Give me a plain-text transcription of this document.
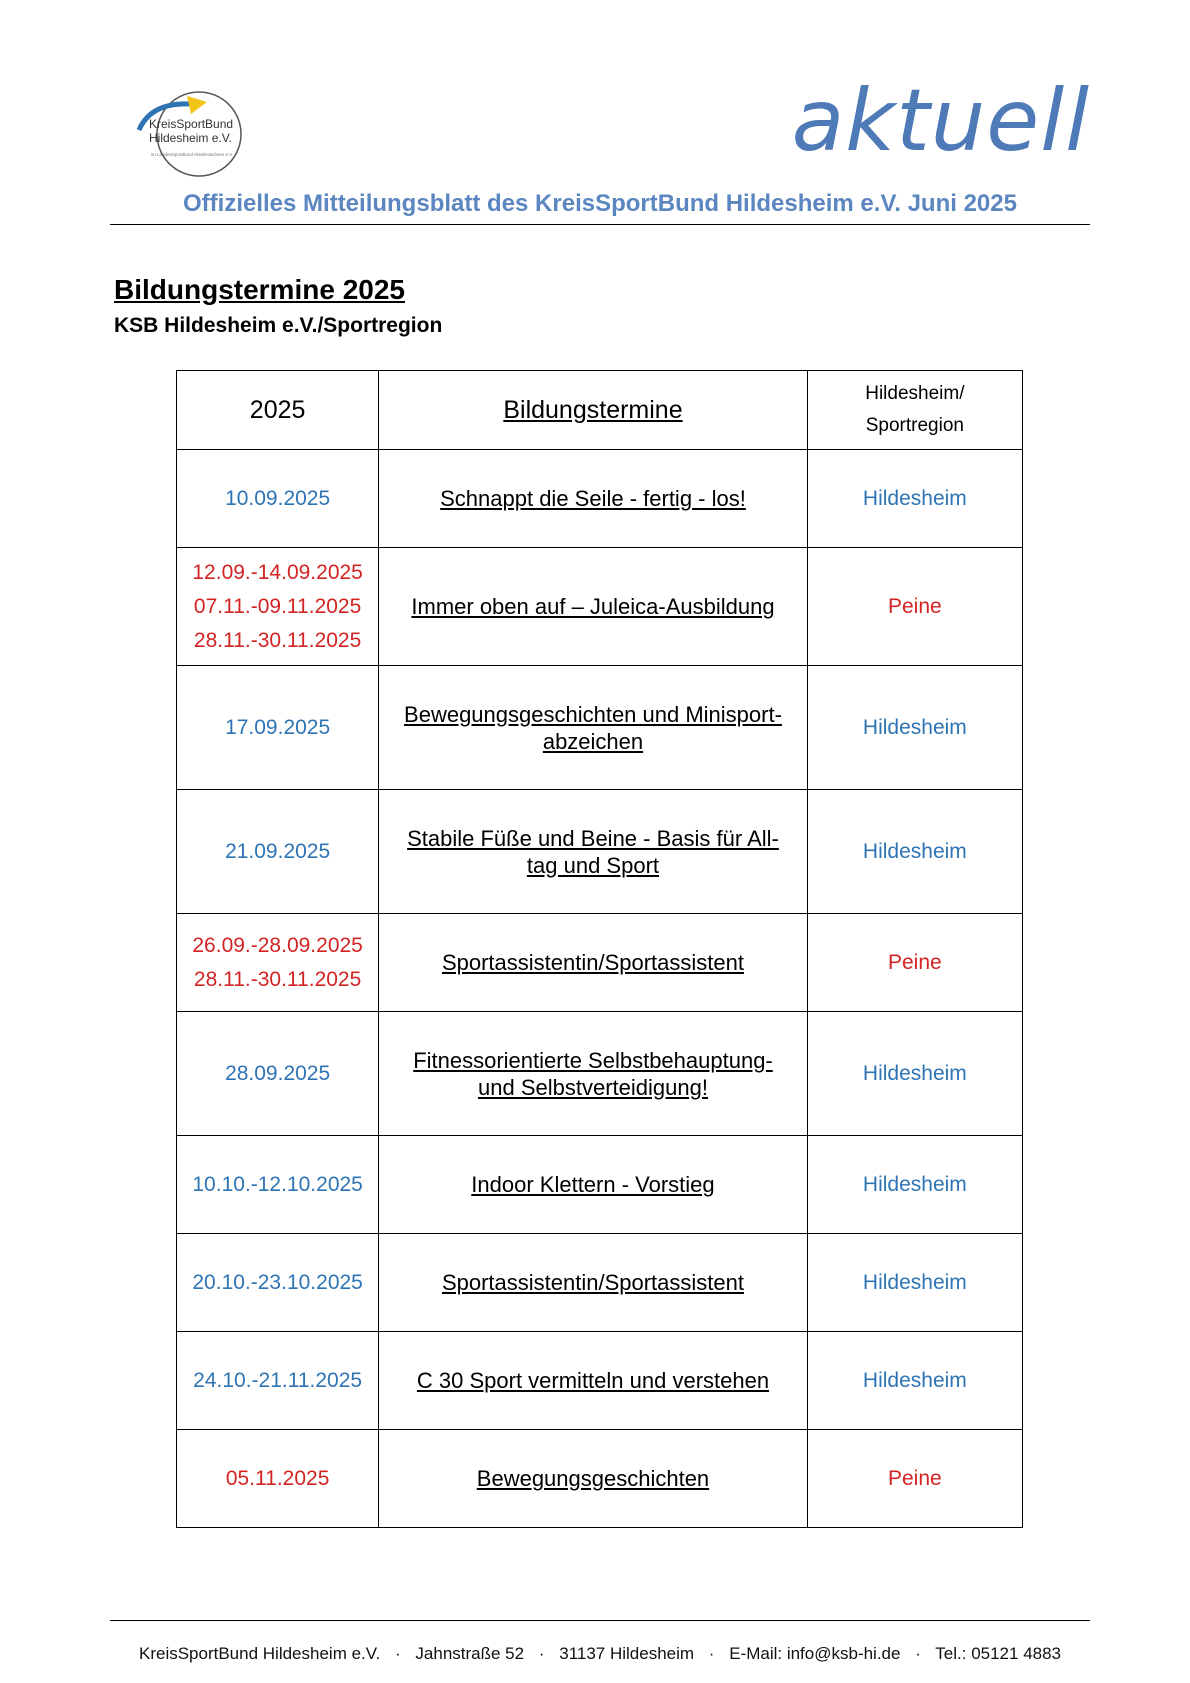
KreisSportBund
Hildesheim e.V.
im LandesSportBund Niedersachsen e.V.	aktuell
Offizielles Mitteilungsblatt des KreisSportBund Hildesheim e.V. Juni 2025
Bildungstermine 2025
KSB Hildesheim e.V./Sportregion
2025	Bildungstermine	Hildesheim/
Sportregion

10.09.2025	Schnappt die Seile - fertig - los!	Hildesheim

12.09.-14.09.2025
07.11.-09.11.2025
28.11.-30.11.2025	Immer oben auf – Juleica-Ausbildung	Peine

17.09.2025	Bewegungsgeschichten und Minisport-
abzeichen	Hildesheim

21.09.2025	Stabile Füße und Beine - Basis für All-
tag und Sport	Hildesheim

26.09.-28.09.2025
28.11.-30.11.2025	Sportassistentin/Sportassistent	Peine

28.09.2025	Fitnessorientierte Selbstbehauptung-
und Selbstverteidigung!	Hildesheim

10.10.-12.10.2025	Indoor Klettern - Vorstieg	Hildesheim

20.10.-23.10.2025	Sportassistentin/Sportassistent	Hildesheim

24.10.-21.11.2025	C 30 Sport vermitteln und verstehen	Hildesheim

05.11.2025	Bewegungsgeschichten	Peine
KreisSportBund Hildesheim e.V. · Jahnstraße 52 · 31137 Hildesheim · E-Mail: info@ksb-hi.de · Tel.: 05121 4883
